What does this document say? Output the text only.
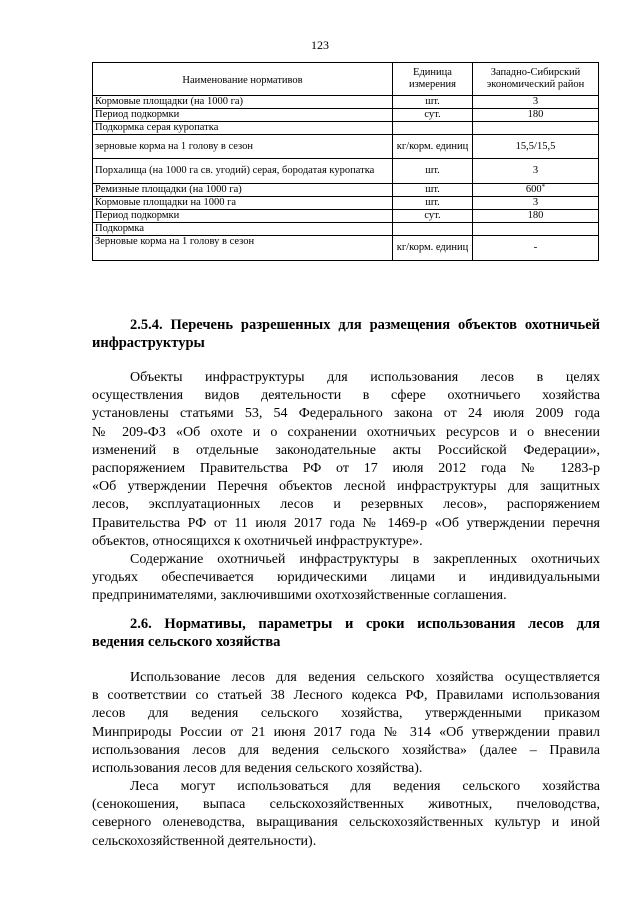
123
Наименование нормативов	Единица измерения	Западно-Сибирский экономический район
Кормовые площадки (на 1000 га)	шт.	3
Период подкормки	сут.	180
Подкормка серая куропатка		
зерновые корма на 1 голову в сезон	кг/корм. единиц	15,5/15,5
Порхалища (на 1000 га св. угодий) серая, бородатая куропатка	шт.	3
Ремизные площадки (на 1000 га)	шт.	600*
Кормовые площадки на 1000 га	шт.	3
Период подкормки	сут.	180
Подкормка		
Зерновые корма на 1 голову в сезон	кг/корм. единиц	-
2.5.4. Перечень разрешенных для размещения объектов охотничьей
инфраструктуры
Объекты инфраструктуры для использования лесов в целях
осуществления видов деятельности в сфере охотничьего хозяйства
установлены статьями 53, 54 Федерального закона от 24 июля 2009 года
№ 209-ФЗ «Об охоте и о сохранении охотничьих ресурсов и о внесении
изменений в отдельные законодательные акты Российской Федерации»,
распоряжением Правительства РФ от 17 июля 2012 года № 1283-р
«Об утверждении Перечня объектов лесной инфраструктуры для защитных
лесов, эксплуатационных лесов и резервных лесов», распоряжением
Правительства РФ от 11 июля 2017 года № 1469-р «Об утверждении перечня
объектов, относящихся к охотничьей инфраструктуре».
Содержание охотничьей инфраструктуры в закрепленных охотничьих
угодьях обеспечивается юридическими лицами и индивидуальными
предпринимателями, заключившими охотхозяйственные соглашения.
2.6. Нормативы, параметры и сроки использования лесов для
ведения сельского хозяйства
Использование лесов для ведения сельского хозяйства осуществляется
в соответствии со статьей 38 Лесного кодекса РФ, Правилами использования
лесов для ведения сельского хозяйства, утвержденными приказом
Минприроды России от 21 июня 2017 года № 314 «Об утверждении правил
использования лесов для ведения сельского хозяйства» (далее – Правила
использования лесов для ведения сельского хозяйства).
Леса могут использоваться для ведения сельского хозяйства
(сенокошения, выпаса сельскохозяйственных животных, пчеловодства,
северного оленеводства, выращивания сельскохозяйственных культур и иной
сельскохозяйственной деятельности).
